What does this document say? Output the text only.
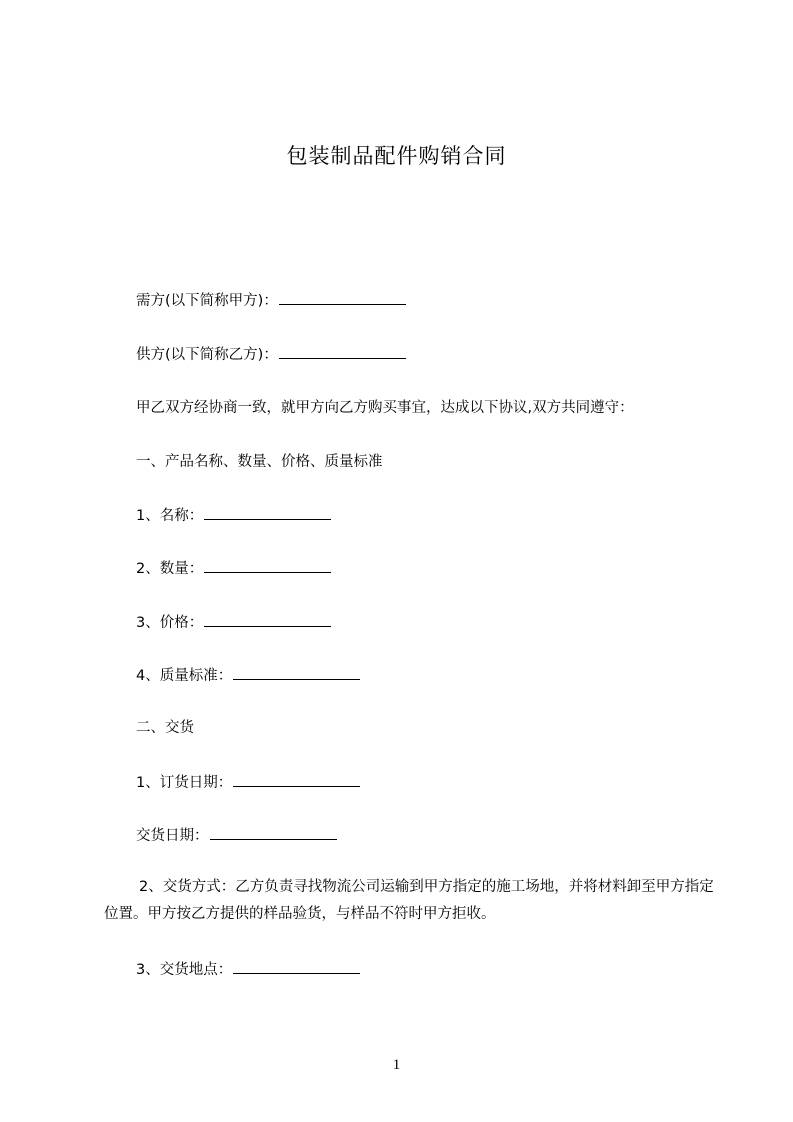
包装制品配件购销合同
需方(以下简称甲方)：
供方(以下简称乙方)：
甲乙双方经协商一致，就甲方向乙方购买事宜，达成以下协议,双方共同遵守：
一、产品名称、数量、价格、质量标准
1、名称：
2、数量：
3、价格：
4、质量标准：
二、交货
1、订货日期：
交货日期：
2、交货方式：乙方负责寻找物流公司运输到甲方指定的施工场地，并将材料卸至甲方指定位置。甲方按乙方提供的样品验货，与样品不符时甲方拒收。
3、交货地点：
1
